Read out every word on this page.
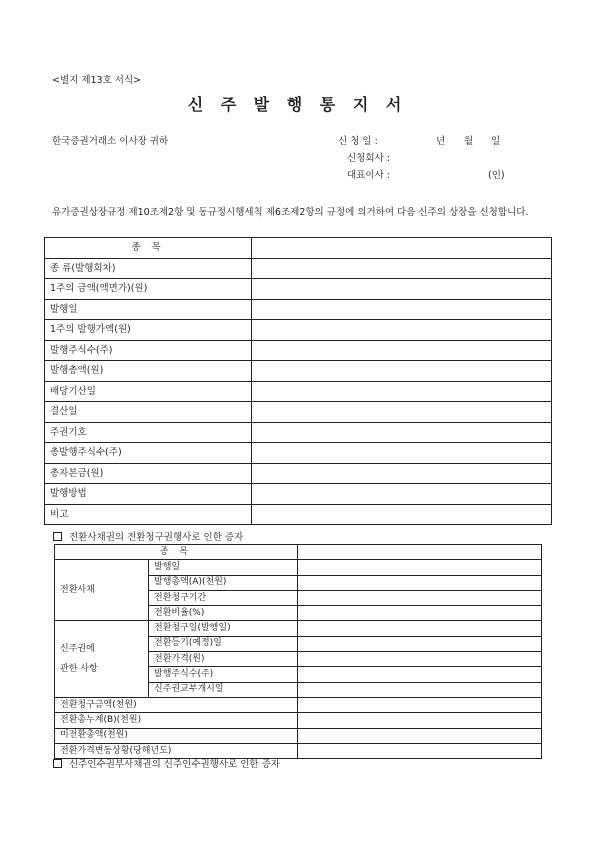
<별지 제13호 서식>
신 주 발 행 통 지 서
한국증권거래소 이사장 귀하	신 청 일 :	년 월 일
신청회사 :
대표이사 :	(인)
유가증권상장규정 제10조제2항 및 동규정시행세칙 제6조제2항의 규정에 의거하여 다음 신주의 상장을 신청합니다.
종 목	
종 류(발행회차)	
1주의 금액(액면가)(원)	
발행일	
1주의 발행가액(원)	
발행주식수(주)	
발행총액(원)	
배당기산일	
결산일	
주권기호	
총발행주식수(주)	
총자본금(원)	
발행방법	
비고	
전환사채권의 전환청구권행사로 인한 증자
종 목		
전환사채	발행일	
	발행총액(A)(천원)	
	전환청구기간	
	전환비율(%)	
신주권에
관한 사항	전환청구일(발행일)	
	전환등기(예정)일	
	전환가격(원)	
	발행주식수(주)	
	신주권교부개시일	
전환청구금액(천원)		
전환총누계(B)(천원)		
미전환총액(천원)		
전환가격변동상황(당해년도)		
신주인수권부사채권의 신주인수권행사로 인한 증자
